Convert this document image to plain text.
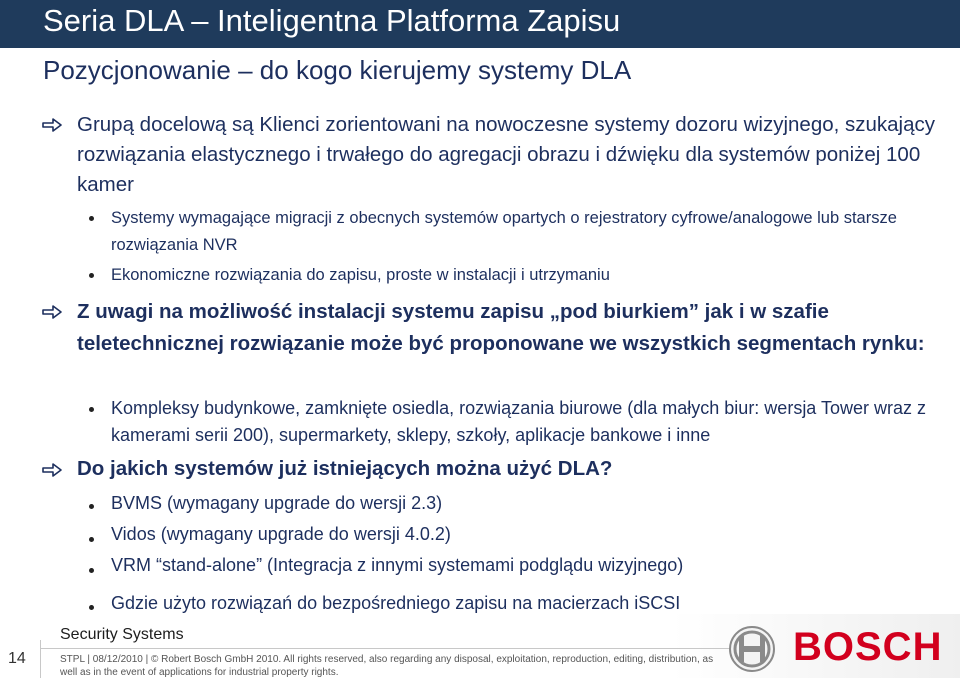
Seria DLA – Inteligentna Platforma Zapisu
Pozycjonowanie – do kogo kierujemy systemy DLA
Grupą docelową są Klienci zorientowani na nowoczesne systemy dozoru wizyjnego, szukający rozwiązania elastycznego i trwałego do agregacji obrazu i dźwięku dla systemów poniżej 100 kamer
Systemy wymagające migracji z obecnych systemów opartych o rejestratory cyfrowe/analogowe lub starsze rozwiązania NVR
Ekonomiczne rozwiązania do zapisu, proste w instalacji i utrzymaniu
Z uwagi na możliwość instalacji systemu zapisu „pod biurkiem” jak i w szafie teletechnicznej rozwiązanie może być proponowane we wszystkich segmentach rynku:
Kompleksy budynkowe, zamknięte osiedla, rozwiązania biurowe (dla małych biur: wersja Tower wraz z kamerami serii 200), supermarkety, sklepy, szkoły, aplikacje bankowe i inne
Do jakich systemów już istniejących można użyć DLA?
BVMS (wymagany upgrade do wersji 2.3)
Vidos (wymagany upgrade do wersji 4.0.2)
VRM “stand-alone” (Integracja z innymi systemami podglądu wizyjnego)
Gdzie użyto rozwiązań do bezpośredniego zapisu na macierzach iSCSI
14
Security Systems
STPL | 08/12/2010 | © Robert Bosch GmbH 2010. All rights reserved, also regarding any disposal, exploitation, reproduction, editing, distribution, as well as in the event of applications for industrial property rights.
BOSCH
